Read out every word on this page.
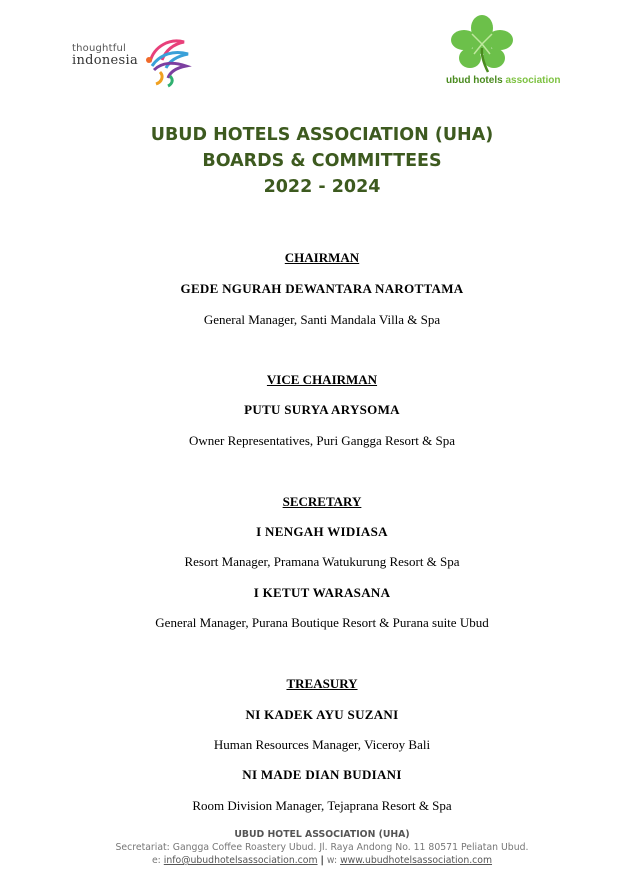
thoughtful
indonesia
ubud hotels association
UBUD HOTELS ASSOCIATION (UHA)
BOARDS & COMMITTEES
2022 - 2024
CHAIRMAN
GEDE NGURAH DEWANTARA NAROTTAMA
General Manager, Santi Mandala Villa & Spa
VICE CHAIRMAN
PUTU SURYA ARYSOMA
Owner Representatives, Puri Gangga Resort & Spa
SECRETARY
I NENGAH WIDIASA
Resort Manager, Pramana Watukurung Resort & Spa
I KETUT WARASANA
General Manager, Purana Boutique Resort & Purana suite Ubud
TREASURY
NI KADEK AYU SUZANI
Human Resources Manager, Viceroy Bali
NI MADE DIAN BUDIANI
Room Division Manager, Tejaprana Resort & Spa
UBUD HOTEL ASSOCIATION (UHA)
Secretariat: Gangga Coffee Roastery Ubud. Jl. Raya Andong No. 11 80571 Peliatan Ubud.
e: info@ubudhotelsassociation.com | w: www.ubudhotelsassociation.com
